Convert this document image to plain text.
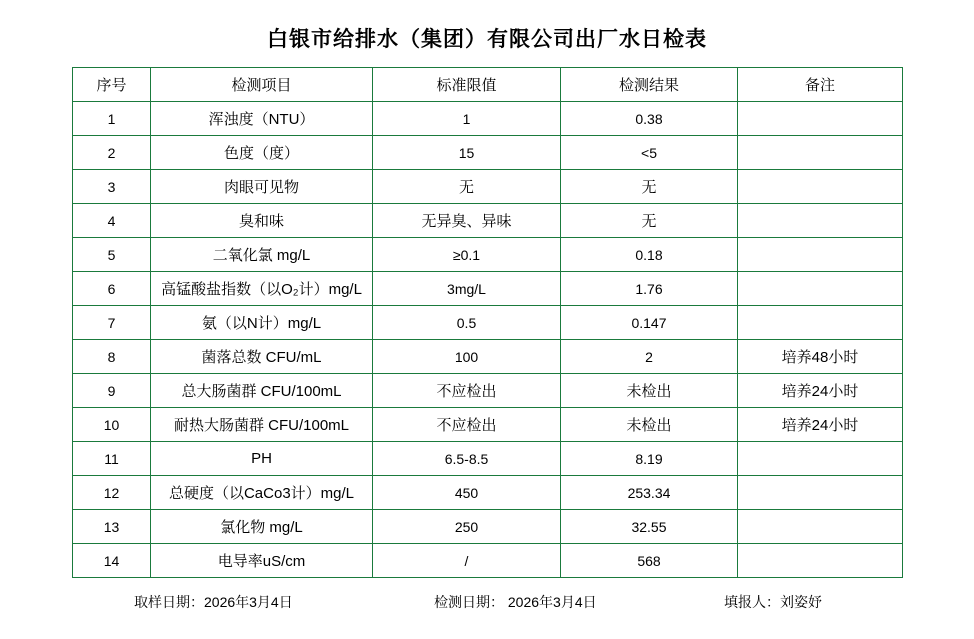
白银市给排水（集团）有限公司出厂水日检表
序号	检测项目	标准限值	检测结果	备注
1	浑浊度（NTU）	1	0.38	
2	色度（度）	15	<5	
3	肉眼可见物	无	无	
4	臭和味	无异臭、异味	无	
5	二氧化氯 mg/L	≥0.1	0.18	
6	高锰酸盐指数（以O₂计）mg/L	3mg/L	1.76	
7	氨（以N计）mg/L	0.5	0.147	
8	菌落总数 CFU/mL	100	2	培养48小时
9	总大肠菌群 CFU/100mL	不应检出	未检出	培养24小时
10	耐热大肠菌群 CFU/100mL	不应检出	未检出	培养24小时
11	PH	6.5-8.5	8.19	
12	总硬度（以CaCo3计）mg/L	450	253.34	
13	氯化物 mg/L	250	32.55	
14	电导率uS/cm	/	568	
取样日期：2026年3月4日	检测日期： 2026年3月4日	填报人：刘姿妤
